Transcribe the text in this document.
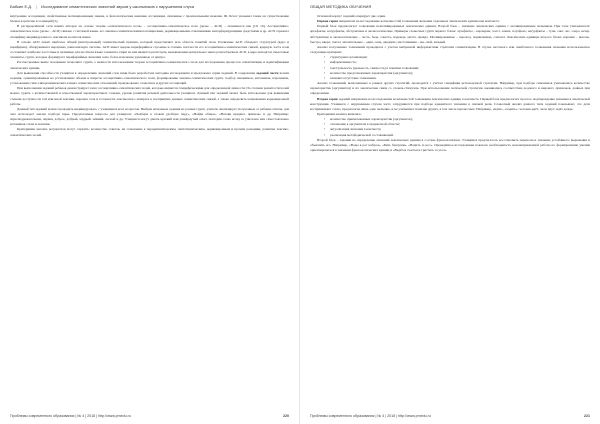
Бабкин Е.Д. | Исследование семантических значений звуков у школьников с нарушением слуха

внутренние ассоциации, свойственные мотивированным знакам, и фонологические внешние ассоциации, связанные с произвольными знаками. Ш. Бетел указывал также на существование блоков и цепочек ассоциаций [5].

В распределённой сети наших авторов на основе теории «семантического поля» – ассоциативно-семантическое поле (далее – АСП) – понимается как [10; 16]. Ассоциативно-семантическое поле (далее – АСП) связано с системой языка, его лексико-семантическими потенциалами, деривационными отношениями, интерферирующими средствами и др. АСП отражает специфику индивидуального лексикона носителя языка.

В основе АСП лежит наиболее общий (интегральный) семантический признак, который представляет всю область понятий поля. Различные АСП обладают структурой (ядро и периферия), обнаруживают иерархию, равнозначную системе. АСП имеет ядерно-периферийное строение и степень плотности его ассоциативно-семантических связей, ядерную часть поля составляют наиболее частотные и значимые для носителя языка элементы. Один из них является регистром, вызывающим центральное звено разнообразных АСП, в ядре находятся смысловые элементы, групп, которые формируют периферийные значения сема, более или менее удаленные от центра.

Рассмотренные выше положения позволяют судить о важности использования теории ассоциативно-семантического поля для исследования процессов семантизации и идентификации лексических единиц.

Для выявления способности учащихся к определению значений слов нами была разработана методика исследования и предложена серия заданий. В содержание заданий части вошли задания, ориентированные на установление объема и широты ассоциативно-семантического поля, формирование лексико-семантических групп, подбор синонимов, антонимов, паронимов, установление гипо-гиперонимических и иных семантических отношений, произвольных словесных и других ассоциаций.

При выполнении заданий ребенок демонстрирует запас ассоциативно-семантических полей, которые являются специфическими для определенной личности. По степени развитости полей можно судить о количественной и качественной характеристиках словаря, уровне развития речевой деятельности учащихся. Данный тип заданий может быть использован для выявления степени доступности той или иной лексики, перечня слов и готовности лексического аппарата к восприятию данных семантических связей, а также определить направления коррекционной работы.

Данный тип заданий можно проводить индивидуально, с учащимися всех возрастов. Выбрав начальные задания из разных групп, учитель анализирует полученные от ребенка ответы, для чего использует анализ подбора пары. Предлагаемые вопросы для учащихся: «Подбери к словам удобную пару», «Найди общее», «Назови предмет, признак» и др. Например: звукоподражательная, первая, доброе, добрый, мудрый, зимний, лесной и др. Учащиеся могут давать краткий или развёрнутый ответ, повторяя слово вслед за учителем или самостоятельно вспоминая слова и понятия.

Критериями анализа результатов могут служить: количество ответов, их отношение к парадигматическим, синтагматическим, деривационным и прочим реакциям, развитие лексико-семантических полей.

Проблемы современного образования | № 4 | 2018 | http://www.pmedu.ru	220
ОБЩАЯ МЕТОДИКА ОБУЧЕНИЯ

Основной корпус заданий оперирует две серии.

Первая серия направлена на исследование возможностей толкования значения отдельных лексических единиц вне контекста.

Первый блок предполагает толкование немотивированных лексических единиц. Второй блок – значение лексических единиц с мотивированным значением. При этом учитываются: артефакты, натурфакты, абстрактные и аксиологические. Примеры словесных групп первого блока: артефакты – карандаш, холст, лампа, портфель; натурфакты – тучи, снег, лес, озеро, ветер. Абстрактные и аксиологические – честь, беда, совесть, надежда, мечта, правда. Мотивированные – пароход, чернильница, самолет. Лексические единицы второго блока: наречия – высоко, быстро, вверх, смело; числительные – один, семь, двадцать; местоимения – вы, свой, каждый.

Анализ полученных толкований проводился с учетом выбранной информантами стратегии семантизации. В случае неточного или ошибочного толкования значения использовались следующие критерии:

• структурная организация;
• информативность;
• текстуальность (цельность, связность) в понятии толкования;
• количество представленных характеристик (аргументов);
• наличие/отсутствие толкования.

Анализ толкований, выполненных в рамках других стратегий, проводился с учётом специфики используемой стратегии. Например, при подборе синонимов учитывались количество характеристик (аргументов) и их лексические связи со словом-стимулом. При использовании логической стратегии оценивались соответствие родового и видового признаков, данных при определении.

Вторая серия заданий направлена на исследование возможностей толкования лексических единиц в контексте. Первый блок предполагает простое подтверждение значения в лексической конструкции. Учащиеся с нарушенным слухом часто затрудняются при подборе адекватного значения в связной речи. Словесный анализ данного типа заданий показывает, что дети воспринимают слово, предполагая лишь одно значение, и не учитывают наличие других, в том числе переносных. Например, «идти», «ходить»: человек идёт; часы идут; идёт дождь.

Критериями анализа являлись:

• количество приписываемых характеристик (аргументов);
• отношение к аргументам к предметной области;
• актуализация значения в контексте;
• реализация метафорической составляющей.

Второй блок – задания на определение значений лексических единиц в составе фразеологизмов. Учащимся предлагалось восстановить переносное значение устойчивого выражения и объяснить его. Например, «Воды в рот набрал», «Бить баклуши», «Водить за нос». Проведённое исследование показало необходимость целенаправленной работы по формированию умения ориентироваться в значении фразеологических единиц и «Ведётся счастья и трястись за угол».

Проблемы современного образования | № 4 | 2018 | http://www.pmedu.ru	221
